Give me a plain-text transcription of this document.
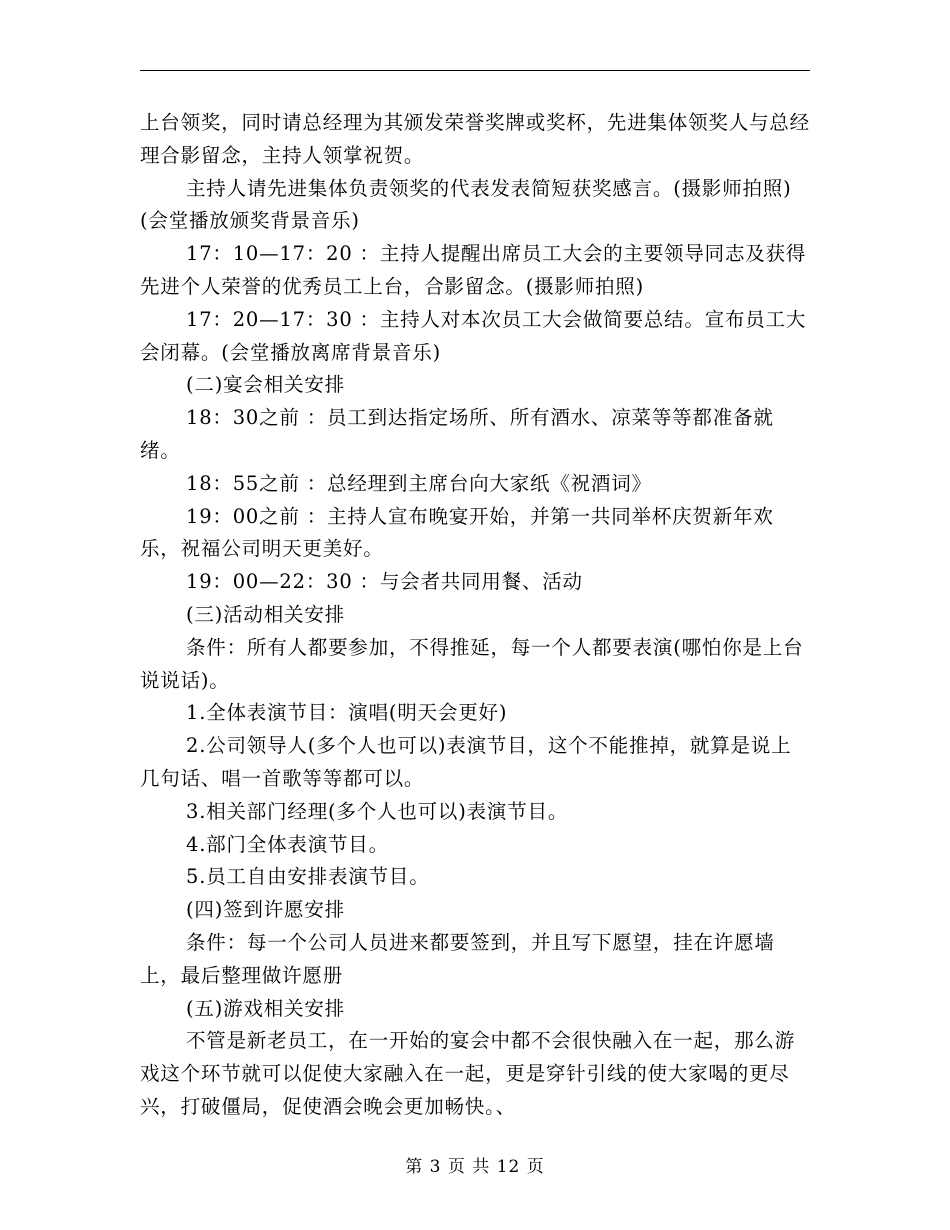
上台领奖，同时请总经理为其颁发荣誉奖牌或奖杯，先进集体领奖人与总经理合影留念，主持人领掌祝贺。

主持人请先进集体负责领奖的代表发表简短获奖感言。(摄影师拍照)(会堂播放颁奖背景音乐)

17：10—17：20 ：主持人提醒出席员工大会的主要领导同志及获得先进个人荣誉的优秀员工上台，合影留念。(摄影师拍照)

17：20—17：30 ：主持人对本次员工大会做简要总结。宣布员工大会闭幕。(会堂播放离席背景音乐)

(二)宴会相关安排

18：30之前 ：员工到达指定场所、所有酒水、凉菜等等都准备就绪。

18：55之前 ：总经理到主席台向大家纸《祝酒词》

19：00之前 ：主持人宣布晚宴开始，并第一共同举杯庆贺新年欢乐，祝福公司明天更美好。

19：00—22：30 ：与会者共同用餐、活动

(三)活动相关安排

条件：所有人都要参加，不得推延，每一个人都要表演(哪怕你是上台说说话)。

1.全体表演节目：演唱(明天会更好)

2.公司领导人(多个人也可以)表演节目，这个不能推掉，就算是说上几句话、唱一首歌等等都可以。

3.相关部门经理(多个人也可以)表演节目。

4.部门全体表演节目。

5.员工自由安排表演节目。

(四)签到许愿安排

条件：每一个公司人员进来都要签到，并且写下愿望，挂在许愿墙上，最后整理做许愿册

(五)游戏相关安排

不管是新老员工，在一开始的宴会中都不会很快融入在一起，那么游戏这个环节就可以促使大家融入在一起，更是穿针引线的使大家喝的更尽兴，打破僵局，促使酒会晚会更加畅快。、

第 3 页 共 12 页
